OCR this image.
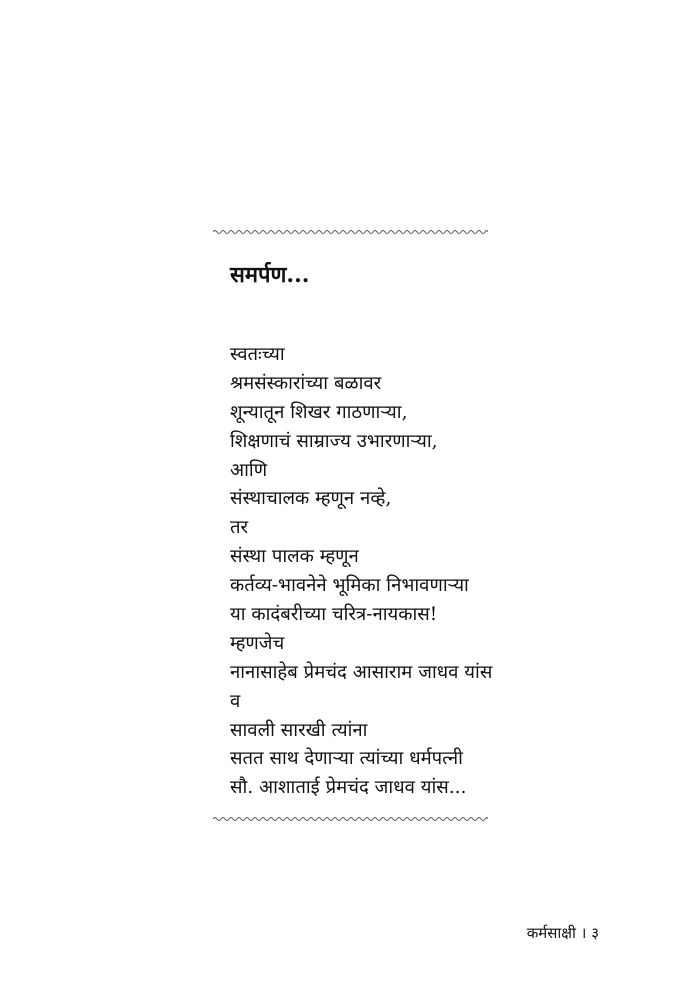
समर्पण...
स्वतःच्या
श्रमसंस्कारांच्या बळावर
शून्यातून शिखर गाठणाऱ्या,
शिक्षणाचं साम्राज्य उभारणाऱ्या,
आणि
संस्थाचालक म्हणून नव्हे,
तर
संस्था पालक म्हणून
कर्तव्य-भावनेने भूमिका निभावणाऱ्या
या कादंबरीच्या चरित्र-नायकास!
म्हणजेच
नानासाहेब प्रेमचंद आसाराम जाधव यांस
व
सावली सारखी त्यांना
सतत साथ देणाऱ्या त्यांच्या धर्मपत्नी
सौ. आशाताई प्रेमचंद जाधव यांस...
कर्मसाक्षी । ३
